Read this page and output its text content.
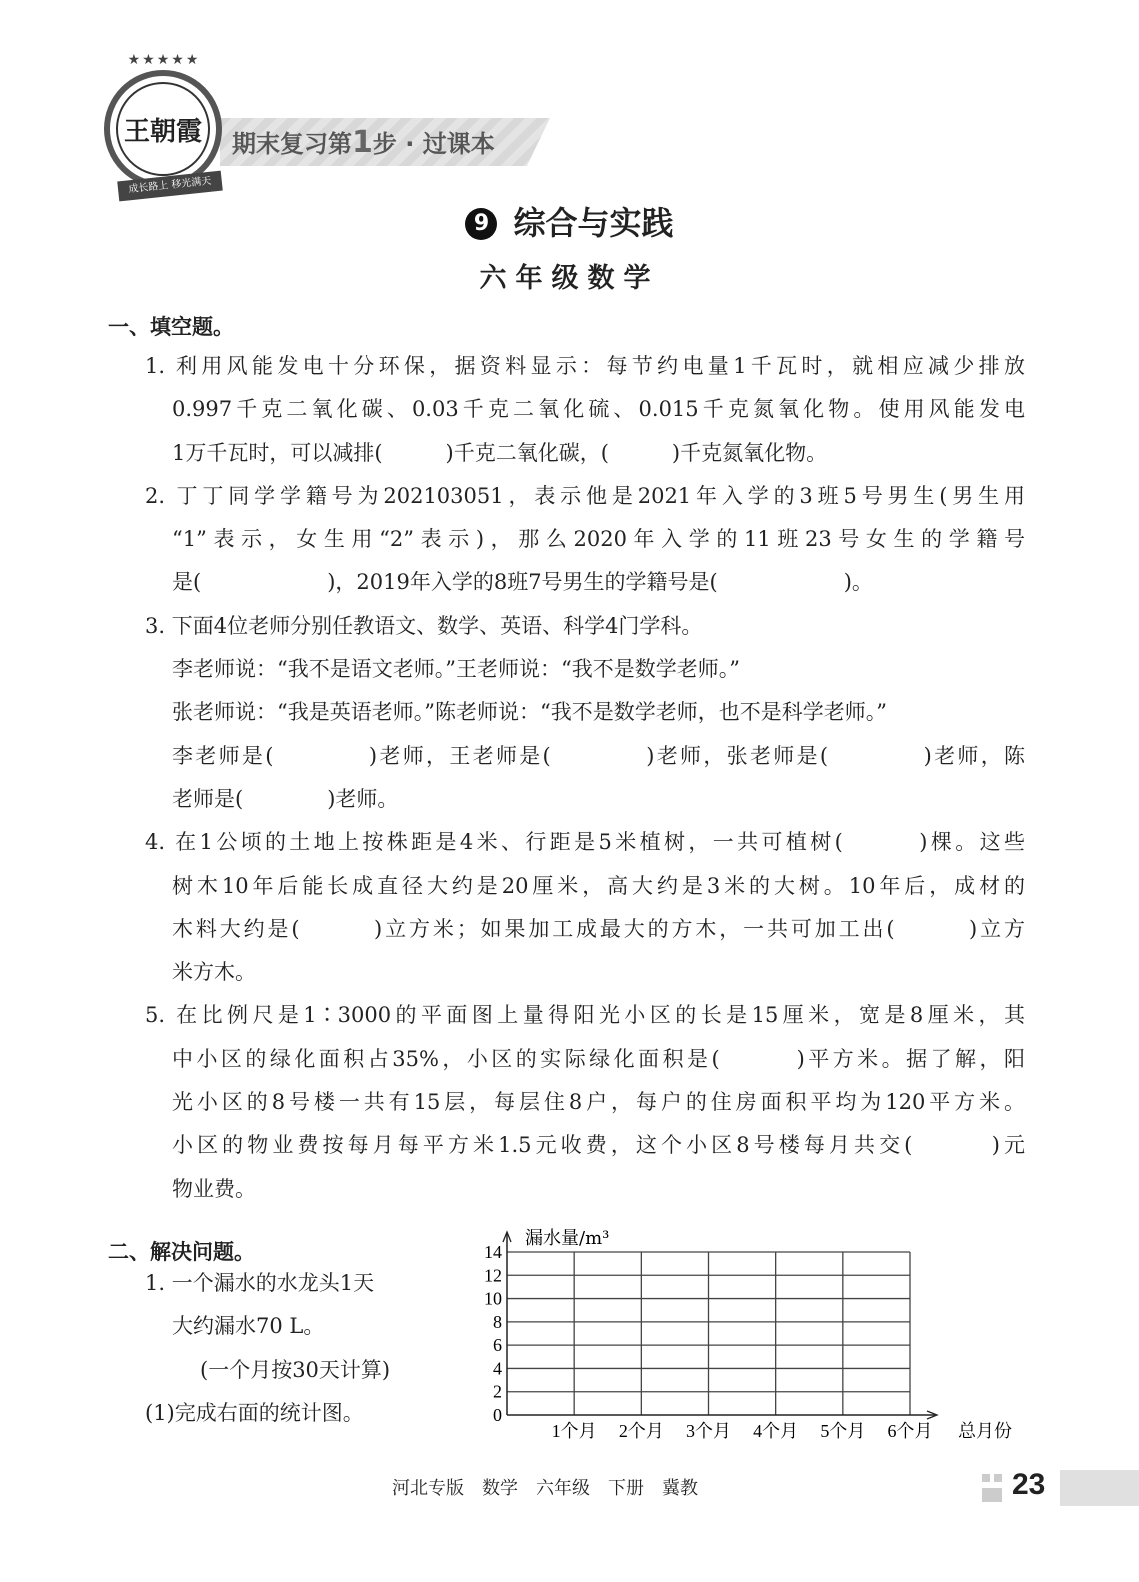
王朝霞
★★★★★
成长路上 移光满天
期末复习第1步 · 过课本
9 综合与实践
六年级数学
一、填空题。
1. 利用风能发电十分环保，据资料显示：每节约电量1千瓦时，就相应减少排放
0.997千克二氧化碳、0.03千克二氧化硫、0.015千克氮氧化物。使用风能发电
1万千瓦时，可以减排(　　　)千克二氧化碳，(　　　)千克氮氧化物。
2. 丁丁同学学籍号为202103051，表示他是2021年入学的3班5号男生(男生用
“1”表示，女生用“2”表示)，那么2020年入学的11班23号女生的学籍号
是(　　　　　　)，2019年入学的8班7号男生的学籍号是(　　　　　　)。
3. 下面4位老师分别任教语文、数学、英语、科学4门学科。
李老师说：“我不是语文老师。”王老师说：“我不是数学老师。”
张老师说：“我是英语老师。”陈老师说：“我不是数学老师，也不是科学老师。”
李老师是(　　　　)老师，王老师是(　　　　)老师，张老师是(　　　　)老师，陈
老师是(　　　　)老师。
4. 在1公顷的土地上按株距是4米、行距是5米植树，一共可植树(　　　)棵。这些
树木10年后能长成直径大约是20厘米，高大约是3米的大树。10年后，成材的
木料大约是(　　　)立方米；如果加工成最大的方木，一共可加工出(　　　)立方
米方木。
5. 在比例尺是1∶3000的平面图上量得阳光小区的长是15厘米，宽是8厘米，其
中小区的绿化面积占35%，小区的实际绿化面积是(　　　)平方米。据了解，阳
光小区的8号楼一共有15层，每层住8户，每户的住房面积平均为120平方米。
小区的物业费按每月每平方米1.5元收费，这个小区8号楼每月共交(　　　)元
物业费。
二、解决问题。
1. 一个漏水的水龙头1天
大约漏水70 L。
(一个月按30天计算)
(1)完成右面的统计图。
漏水量/m³
0
2
4
6
8
10
12
14
1个月 2个月 3个月 4个月 5个月 6个月 总月份
河北专版 数学 六年级 下册 冀教	23
